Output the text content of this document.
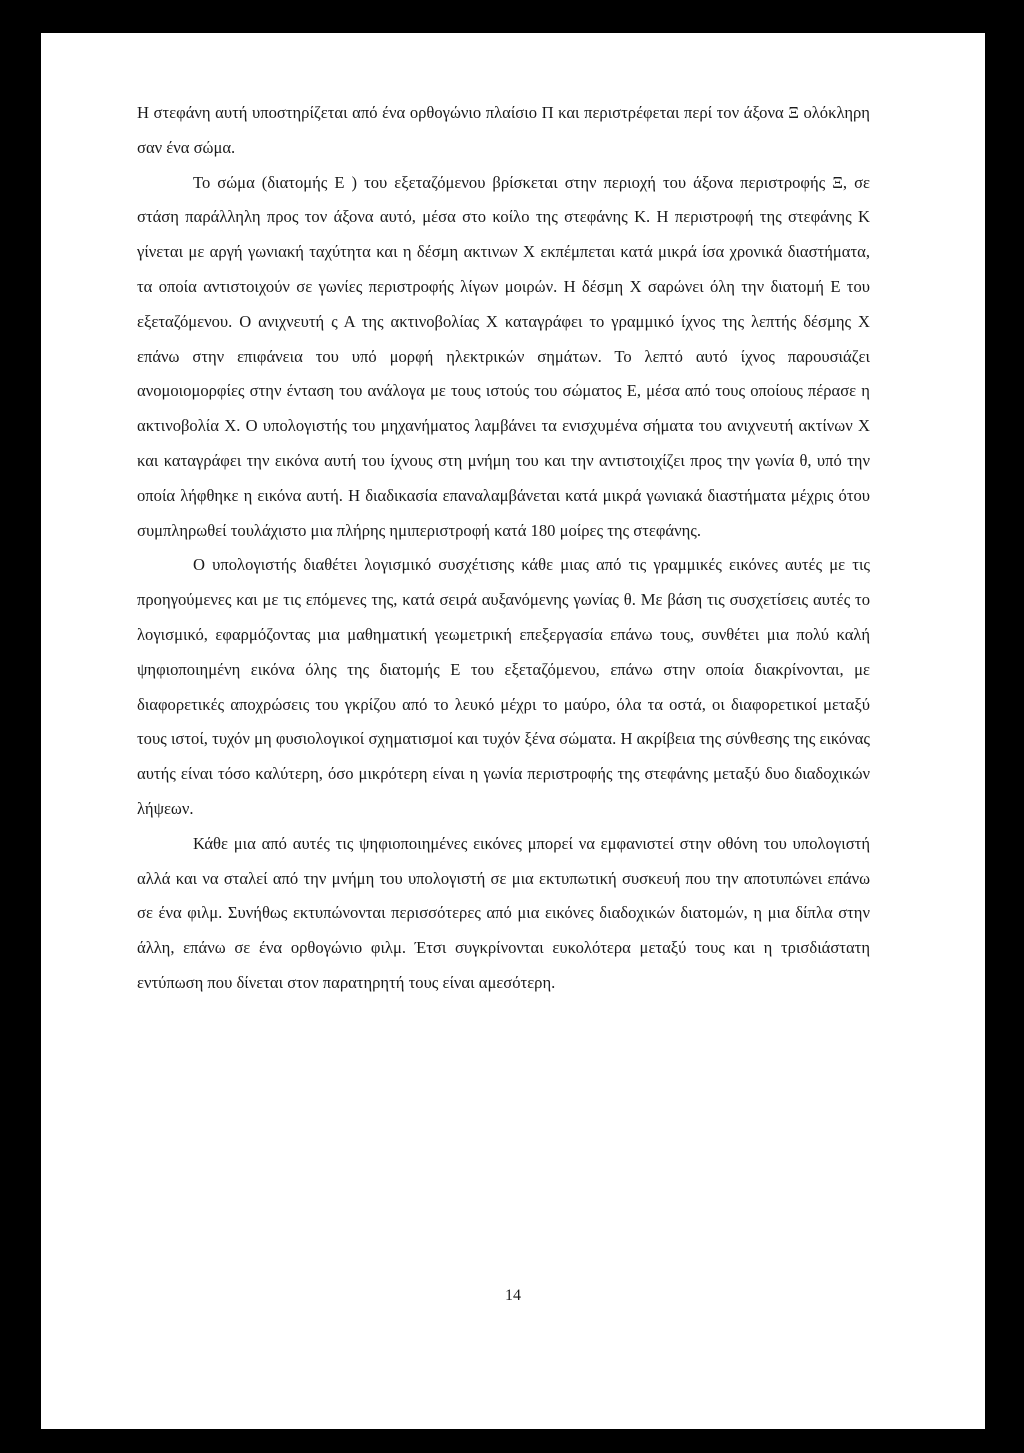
Η στεφάνη αυτή υποστηρίζεται από ένα ορθογώνιο πλαίσιο Π και περιστρέφεται περί τον άξονα Ξ ολόκληρη σαν ένα σώμα.

Το σώμα (διατομής Ε ) του εξεταζόμενου βρίσκεται στην περιοχή του άξονα περιστροφής Ξ, σε στάση παράλληλη προς τον άξονα αυτό, μέσα στο κοίλο της στεφάνης Κ. Η περιστροφή της στεφάνης Κ γίνεται με αργή γωνιακή ταχύτητα και η δέσμη ακτινων Χ εκπέμπεται κατά μικρά ίσα χρονικά διαστήματα, τα οποία αντιστοιχούν σε γωνίες περιστροφής λίγων μοιρών. Η δέσμη Χ σαρώνει όλη την διατομή Ε του εξεταζόμενου. Ο ανιχνευτή ς Α της ακτινοβολίας Χ καταγράφει το γραμμικό ίχνος της λεπτής δέσμης Χ επάνω στην επιφάνεια του υπό μορφή ηλεκτρικών σημάτων. Το λεπτό αυτό ίχνος παρουσιάζει ανομοιομορφίες στην ένταση του ανάλογα με τους ιστούς του σώματος Ε, μέσα από τους οποίους πέρασε η ακτινοβολία Χ. Ο υπολογιστής του μηχανήματος λαμβάνει τα ενισχυμένα σήματα του ανιχνευτή ακτίνων Χ και καταγράφει την εικόνα αυτή του ίχνους στη μνήμη του και την αντιστοιχίζει προς την γωνία θ, υπό την οποία λήφθηκε η εικόνα αυτή. Η διαδικασία επαναλαμβάνεται κατά μικρά γωνιακά διαστήματα μέχρις ότου συμπληρωθεί τουλάχιστο μια πλήρης ημιπεριστροφή κατά 180 μοίρες της στεφάνης.

Ο υπολογιστής διαθέτει λογισμικό συσχέτισης κάθε μιας από τις γραμμικές εικόνες αυτές με τις προηγούμενες και με τις επόμενες της, κατά σειρά αυξανόμενης γωνίας θ. Με βάση τις συσχετίσεις αυτές το λογισμικό, εφαρμόζοντας μια μαθηματική γεωμετρική επεξεργασία επάνω τους, συνθέτει μια πολύ καλή ψηφιοποιημένη εικόνα όλης της διατομής Ε του εξεταζόμενου, επάνω στην οποία διακρίνονται, με διαφορετικές αποχρώσεις του γκρίζου από το λευκό μέχρι το μαύρο, όλα τα οστά, οι διαφορετικοί μεταξύ τους ιστοί, τυχόν μη φυσιολογικοί σχηματισμοί και τυχόν ξένα σώματα. Η ακρίβεια της σύνθεσης της εικόνας αυτής είναι τόσο καλύτερη, όσο μικρότερη είναι η γωνία περιστροφής της στεφάνης μεταξύ δυο διαδοχικών λήψεων.

Κάθε μια από αυτές τις ψηφιοποιημένες εικόνες μπορεί να εμφανιστεί στην οθόνη του υπολογιστή αλλά και να σταλεί από την μνήμη του υπολογιστή σε μια εκτυπωτική συσκευή που την αποτυπώνει επάνω σε ένα φιλμ. Συνήθως εκτυπώνονται περισσότερες από μια εικόνες διαδοχικών διατομών, η μια δίπλα στην άλλη, επάνω σε ένα ορθογώνιο φιλμ. Έτσι συγκρίνονται ευκολότερα μεταξύ τους και η τρισδιάστατη εντύπωση που δίνεται στον παρατηρητή τους είναι αμεσότερη.

14
